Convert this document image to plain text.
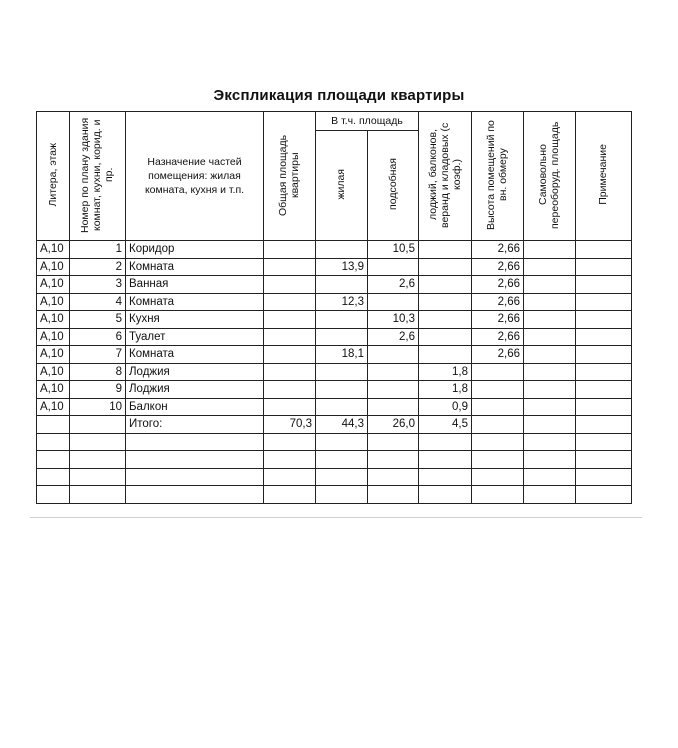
Экспликация площади квартиры
Литера, этаж	Номер по плану здания комнат, кухни, корид. и пр.	Назначение частей помещения: жилая комната, кухня и т.п.	Общая площадь квартиры	В т.ч. площадь		лоджий, балконов, веранд и кладовых (с коэф.)	Высота помещений по вн. обмеру	Самовольно переоборуд. площадь	Примечание
				жилая	подсобная				
А,10	1	Коридор			10,5		2,66		
А,10	2	Комната		13,9			2,66		
А,10	3	Ванная			2,6		2,66		
А,10	4	Комната		12,3			2,66		
А,10	5	Кухня			10,3		2,66		
А,10	6	Туалет			2,6		2,66		
А,10	7	Комната		18,1			2,66		
А,10	8	Лоджия				1,8			
А,10	9	Лоджия				1,8			
А,10	10	Балкон				0,9			
		Итого:	70,3	44,3	26,0	4,5			
